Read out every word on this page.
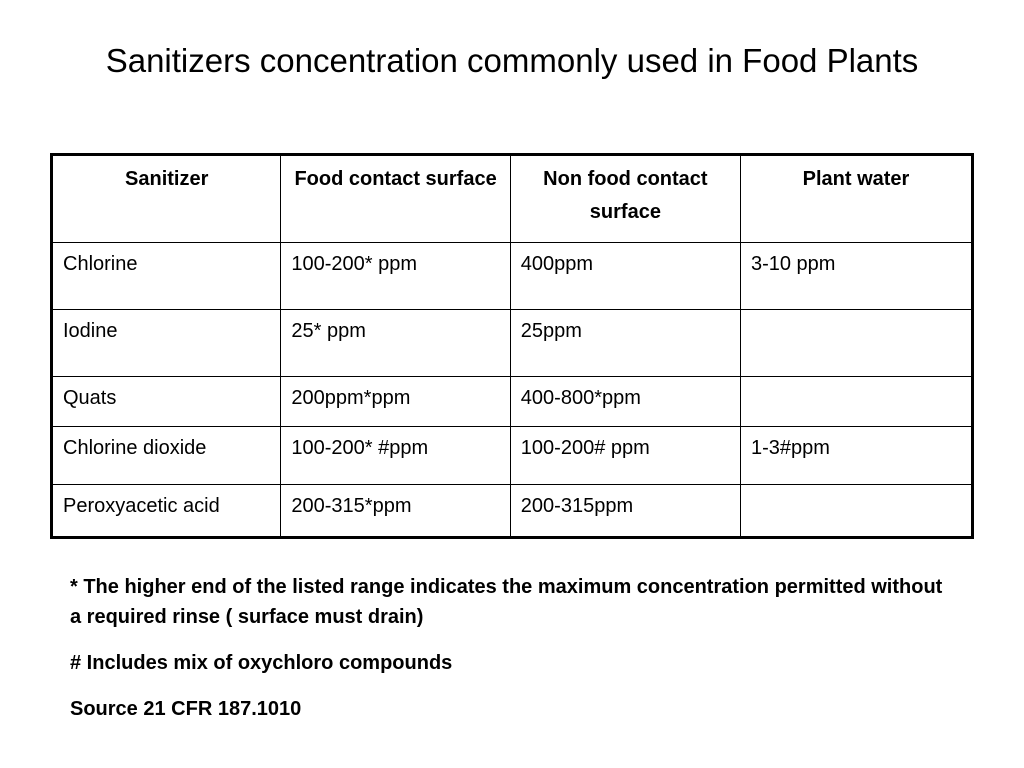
Sanitizers concentration commonly used in Food Plants
Sanitizer	Food contact surface	Non food contact surface	Plant water
Chlorine	100-200* ppm	400ppm	3-10 ppm
Iodine	25* ppm	25ppm	
Quats	200ppm*ppm	400-800*ppm	
Chlorine dioxide	100-200* #ppm	100-200# ppm	1-3#ppm
Peroxyacetic acid	200-315*ppm	200-315ppm	

* The higher end of the listed range indicates the maximum concentration permitted without a required rinse ( surface must drain)

# Includes mix of oxychloro compounds

Source 21 CFR 187.1010
